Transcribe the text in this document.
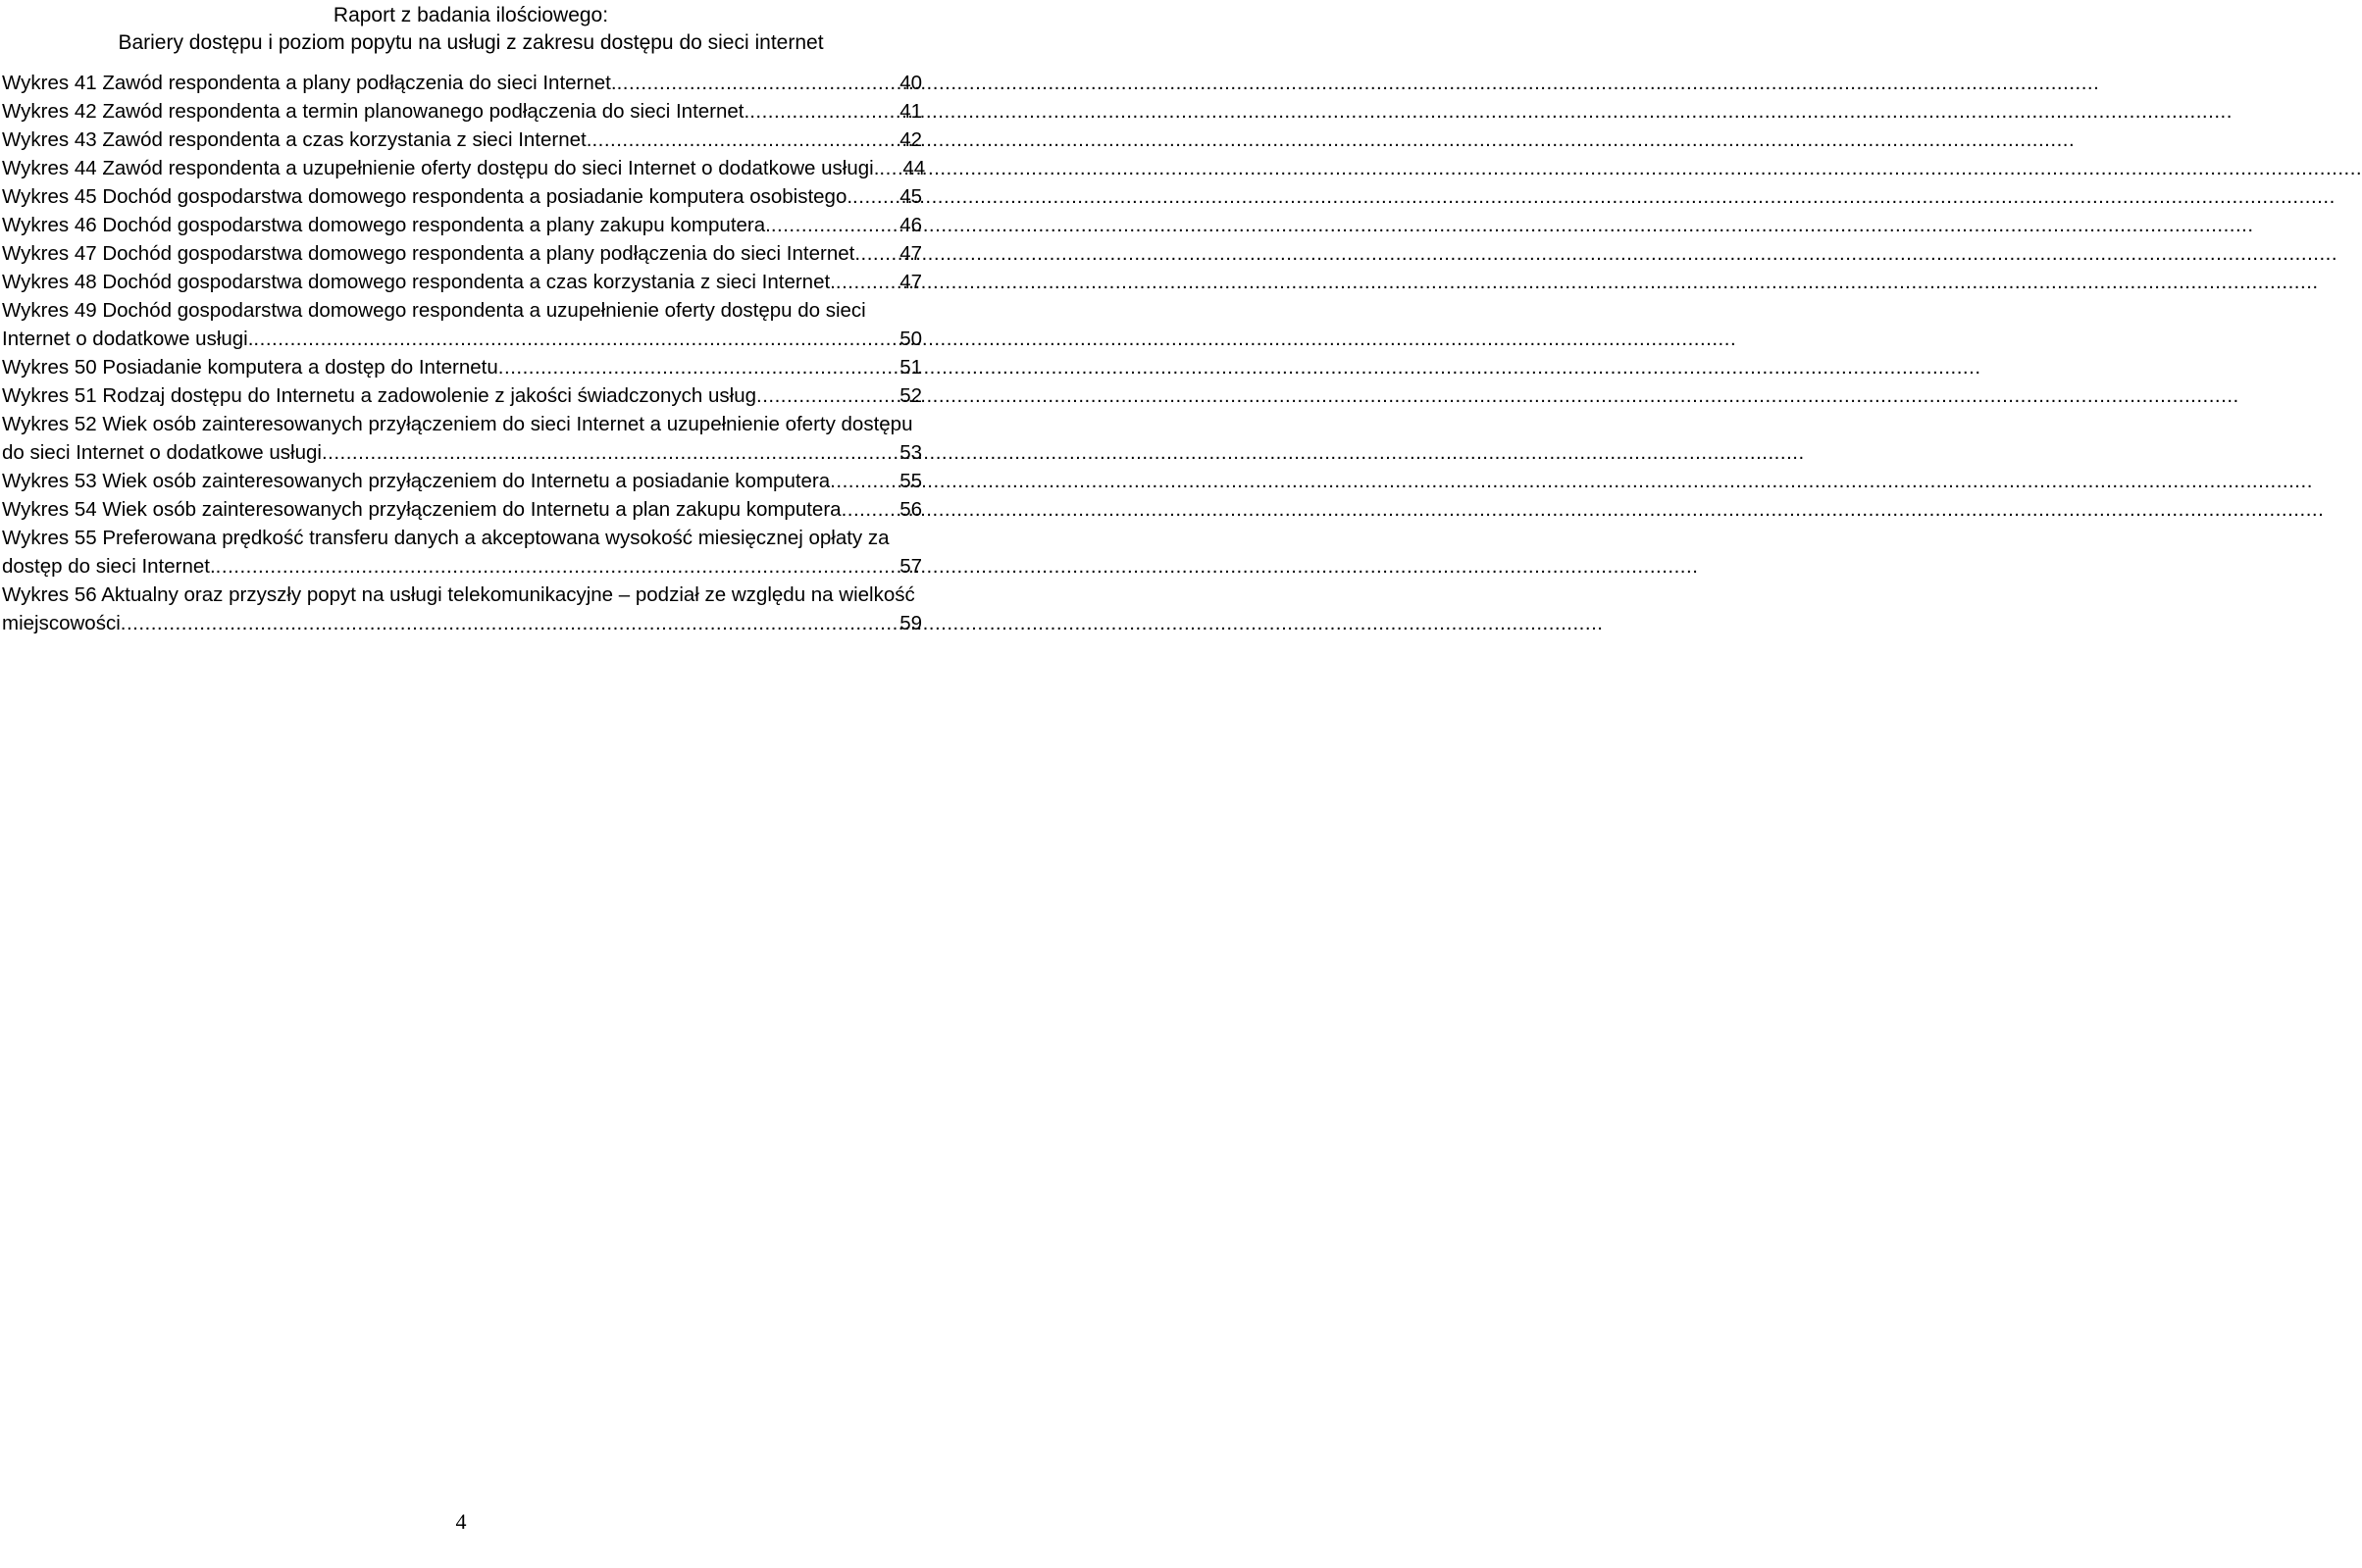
Raport z badania ilościowego:
Bariery dostępu i poziom popytu na usługi z zakresu dostępu do sieci internet
Wykres 41 Zawód respondenta a plany podłączenia do sieci Internet. .....	40
Wykres 42 Zawód respondenta a termin planowanego podłączenia do sieci Internet. .....	41
Wykres 43 Zawód respondenta a czas korzystania z sieci Internet. .....	42
Wykres 44 Zawód respondenta a uzupełnienie oferty dostępu do sieci Internet o dodatkowe usługi. ..... 44
Wykres 45 Dochód gospodarstwa domowego respondenta a posiadanie komputera osobistego. ..... 45
Wykres 46 Dochód gospodarstwa domowego respondenta a plany zakupu komputera. .....	46
Wykres 47 Dochód gospodarstwa domowego respondenta a plany podłączenia do sieci Internet ..... 47
Wykres 48 Dochód gospodarstwa domowego respondenta a czas korzystania z sieci Internet. .....	47
Wykres 49 Dochód gospodarstwa domowego respondenta a uzupełnienie oferty dostępu do sieci
Internet o dodatkowe usługi. .....	50
Wykres 50 Posiadanie komputera a dostęp do Internetu .....	51
Wykres 51 Rodzaj dostępu do Internetu a zadowolenie z jakości świadczonych usług .....	52
Wykres 52 Wiek osób zainteresowanych przyłączeniem do sieci Internet a uzupełnienie oferty dostępu
do sieci Internet o dodatkowe usługi .....	53
Wykres 53 Wiek osób zainteresowanych przyłączeniem do Internetu a posiadanie komputera .....	55
Wykres 54 Wiek osób zainteresowanych przyłączeniem do Internetu a plan zakupu komputera .....	56
Wykres 55 Preferowana prędkość transferu danych a akceptowana wysokość miesięcznej opłaty za
dostęp do sieci Internet. .....	57
Wykres 56 Aktualny oraz przyszły popyt na usługi telekomunikacyjne – podział ze względu na wielkość
miejscowości .....	59
4
